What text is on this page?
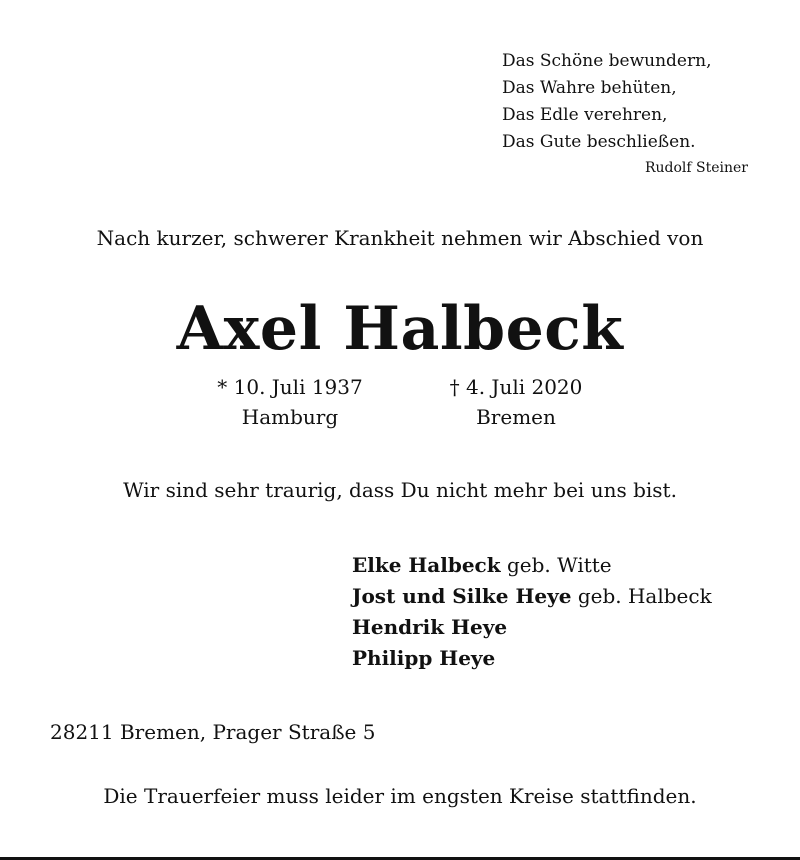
Das Schöne bewundern,
Das Wahre behüten,
Das Edle verehren,
Das Gute beschließen.
Rudolf Steiner
Nach kurzer, schwerer Krankheit nehmen wir Abschied von
Axel Halbeck
* 10. Juli 1937
Hamburg
† 4. Juli 2020
Bremen
Wir sind sehr traurig, dass Du nicht mehr bei uns bist.
Elke Halbeck geb. Witte
Jost und Silke Heye geb. Halbeck
Hendrik Heye
Philipp Heye
28211 Bremen, Prager Straße 5
Die Trauerfeier muss leider im engsten Kreise stattfinden.
